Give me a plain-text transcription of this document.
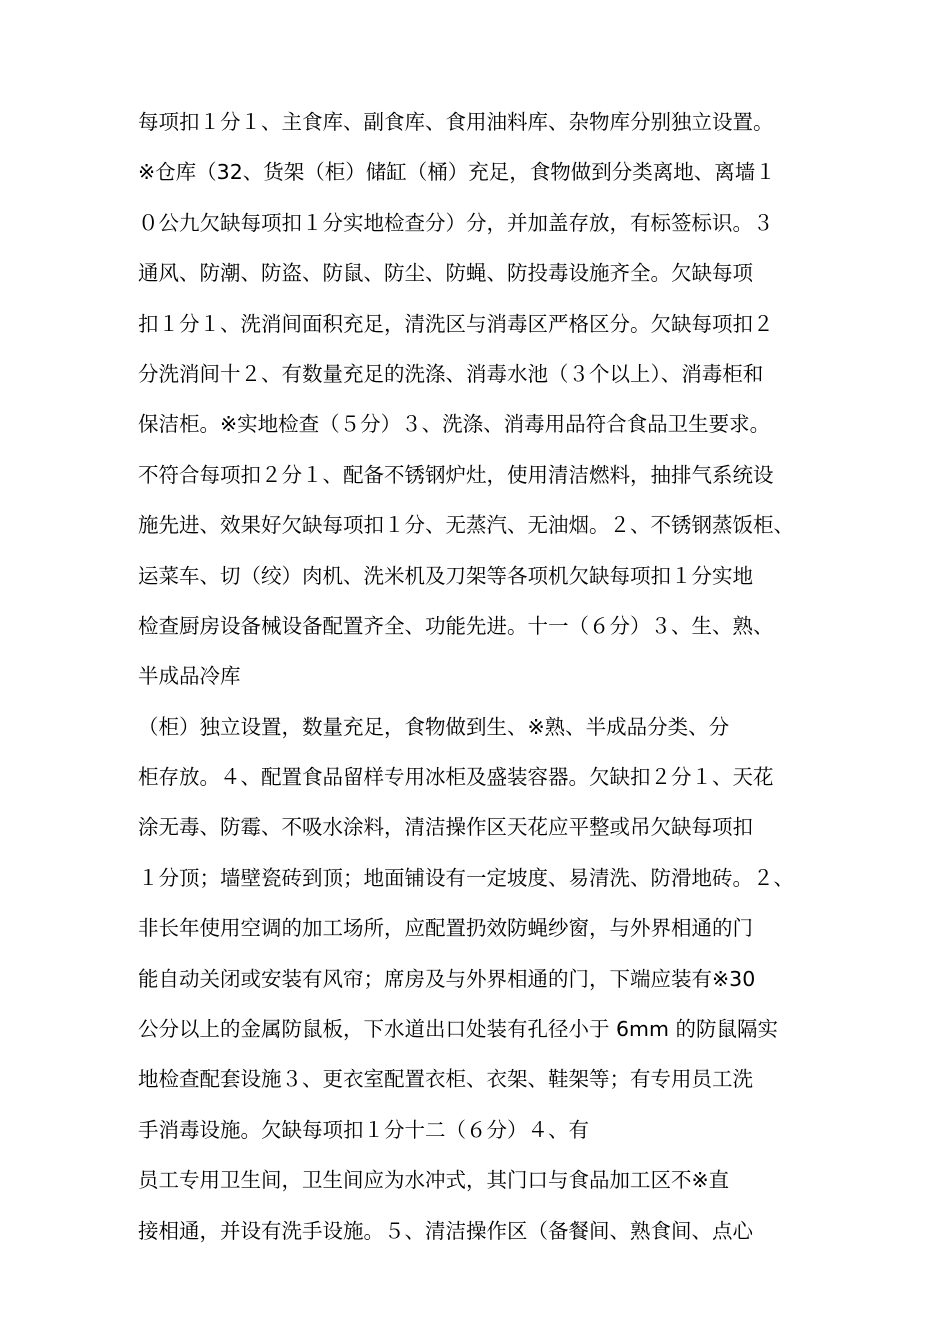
每项扣１分１、主食库、副食库、食用油料库、杂物库分别独立设置。
※仓库（32、货架（柜）储缸（桶）充足，食物做到分类离地、离墙１
０公九欠缺每项扣１分实地检查分）分，并加盖存放，有标签标识。３
通风、防潮、防盗、防鼠、防尘、防蝇、防投毒设施齐全。欠缺每项
扣１分１、洗消间面积充足，清洗区与消毒区严格区分。欠缺每项扣２
分洗消间十２、有数量充足的洗涤、消毒水池（３个以上）、消毒柜和
保洁柜。※实地检查（５分）３、洗涤、消毒用品符合食品卫生要求。
不符合每项扣２分１、配备不锈钢炉灶，使用清洁燃料，抽排气系统设
施先进、效果好欠缺每项扣１分、无蒸汽、无油烟。２、不锈钢蒸饭柜、
运菜车、切（绞）肉机、洗米机及刀架等各项机欠缺每项扣１分实地
检查厨房设备械设备配置齐全、功能先进。十一（６分）３、生、熟、
半成品冷库
（柜）独立设置，数量充足，食物做到生、※熟、半成品分类、分
柜存放。４、配置食品留样专用冰柜及盛装容器。欠缺扣２分１、天花
涂无毒、防霉、不吸水涂料，清洁操作区天花应平整或吊欠缺每项扣
１分顶；墙壁瓷砖到顶；地面铺设有一定坡度、易清洗、防滑地砖。２、
非长年使用空调的加工场所，应配置扔效防蝇纱窗，与外界相通的门
能自动关闭或安装有风帘；席房及与外界相通的门，下端应装有※30
公分以上的金属防鼠板，下水道出口处装有孔径小于 6mm 的防鼠隔实
地检查配套设施３、更衣室配置衣柜、衣架、鞋架等；有专用员工洗
手消毒设施。欠缺每项扣１分十二（６分）４、有
员工专用卫生间，卫生间应为水冲式，其门口与食品加工区不※直
接相通，并设有洗手设施。５、清洁操作区（备餐间、熟食间、点心
